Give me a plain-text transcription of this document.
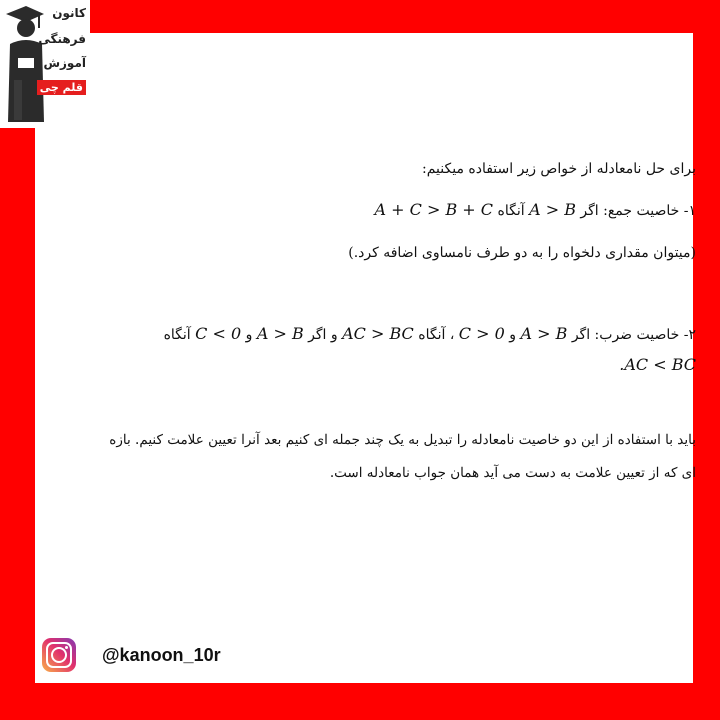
کانون
فرهنگی
آموزش
قلم چی
برای حل نامعادله از خواص زیر استفاده میکنیم:
۱- خاصیت جمع: اگر A > B آنگاه A + C > B + C
(میتوان مقداری دلخواه را به دو طرف نامساوی اضافه کرد.)
۲- خاصیت ضرب: اگر A > B و C > 0 ، آنگاه AC > BC و اگر A > B و C < 0 آنگاه
.AC < BC
باید با استفاده از این دو خاصیت نامعادله را تبدیل به یک چند جمله ای کنیم بعد آنرا تعیین علامت کنیم. بازه
ای که از تعیین علامت به دست می آید همان جواب نامعادله است.
@kanoon_10r
